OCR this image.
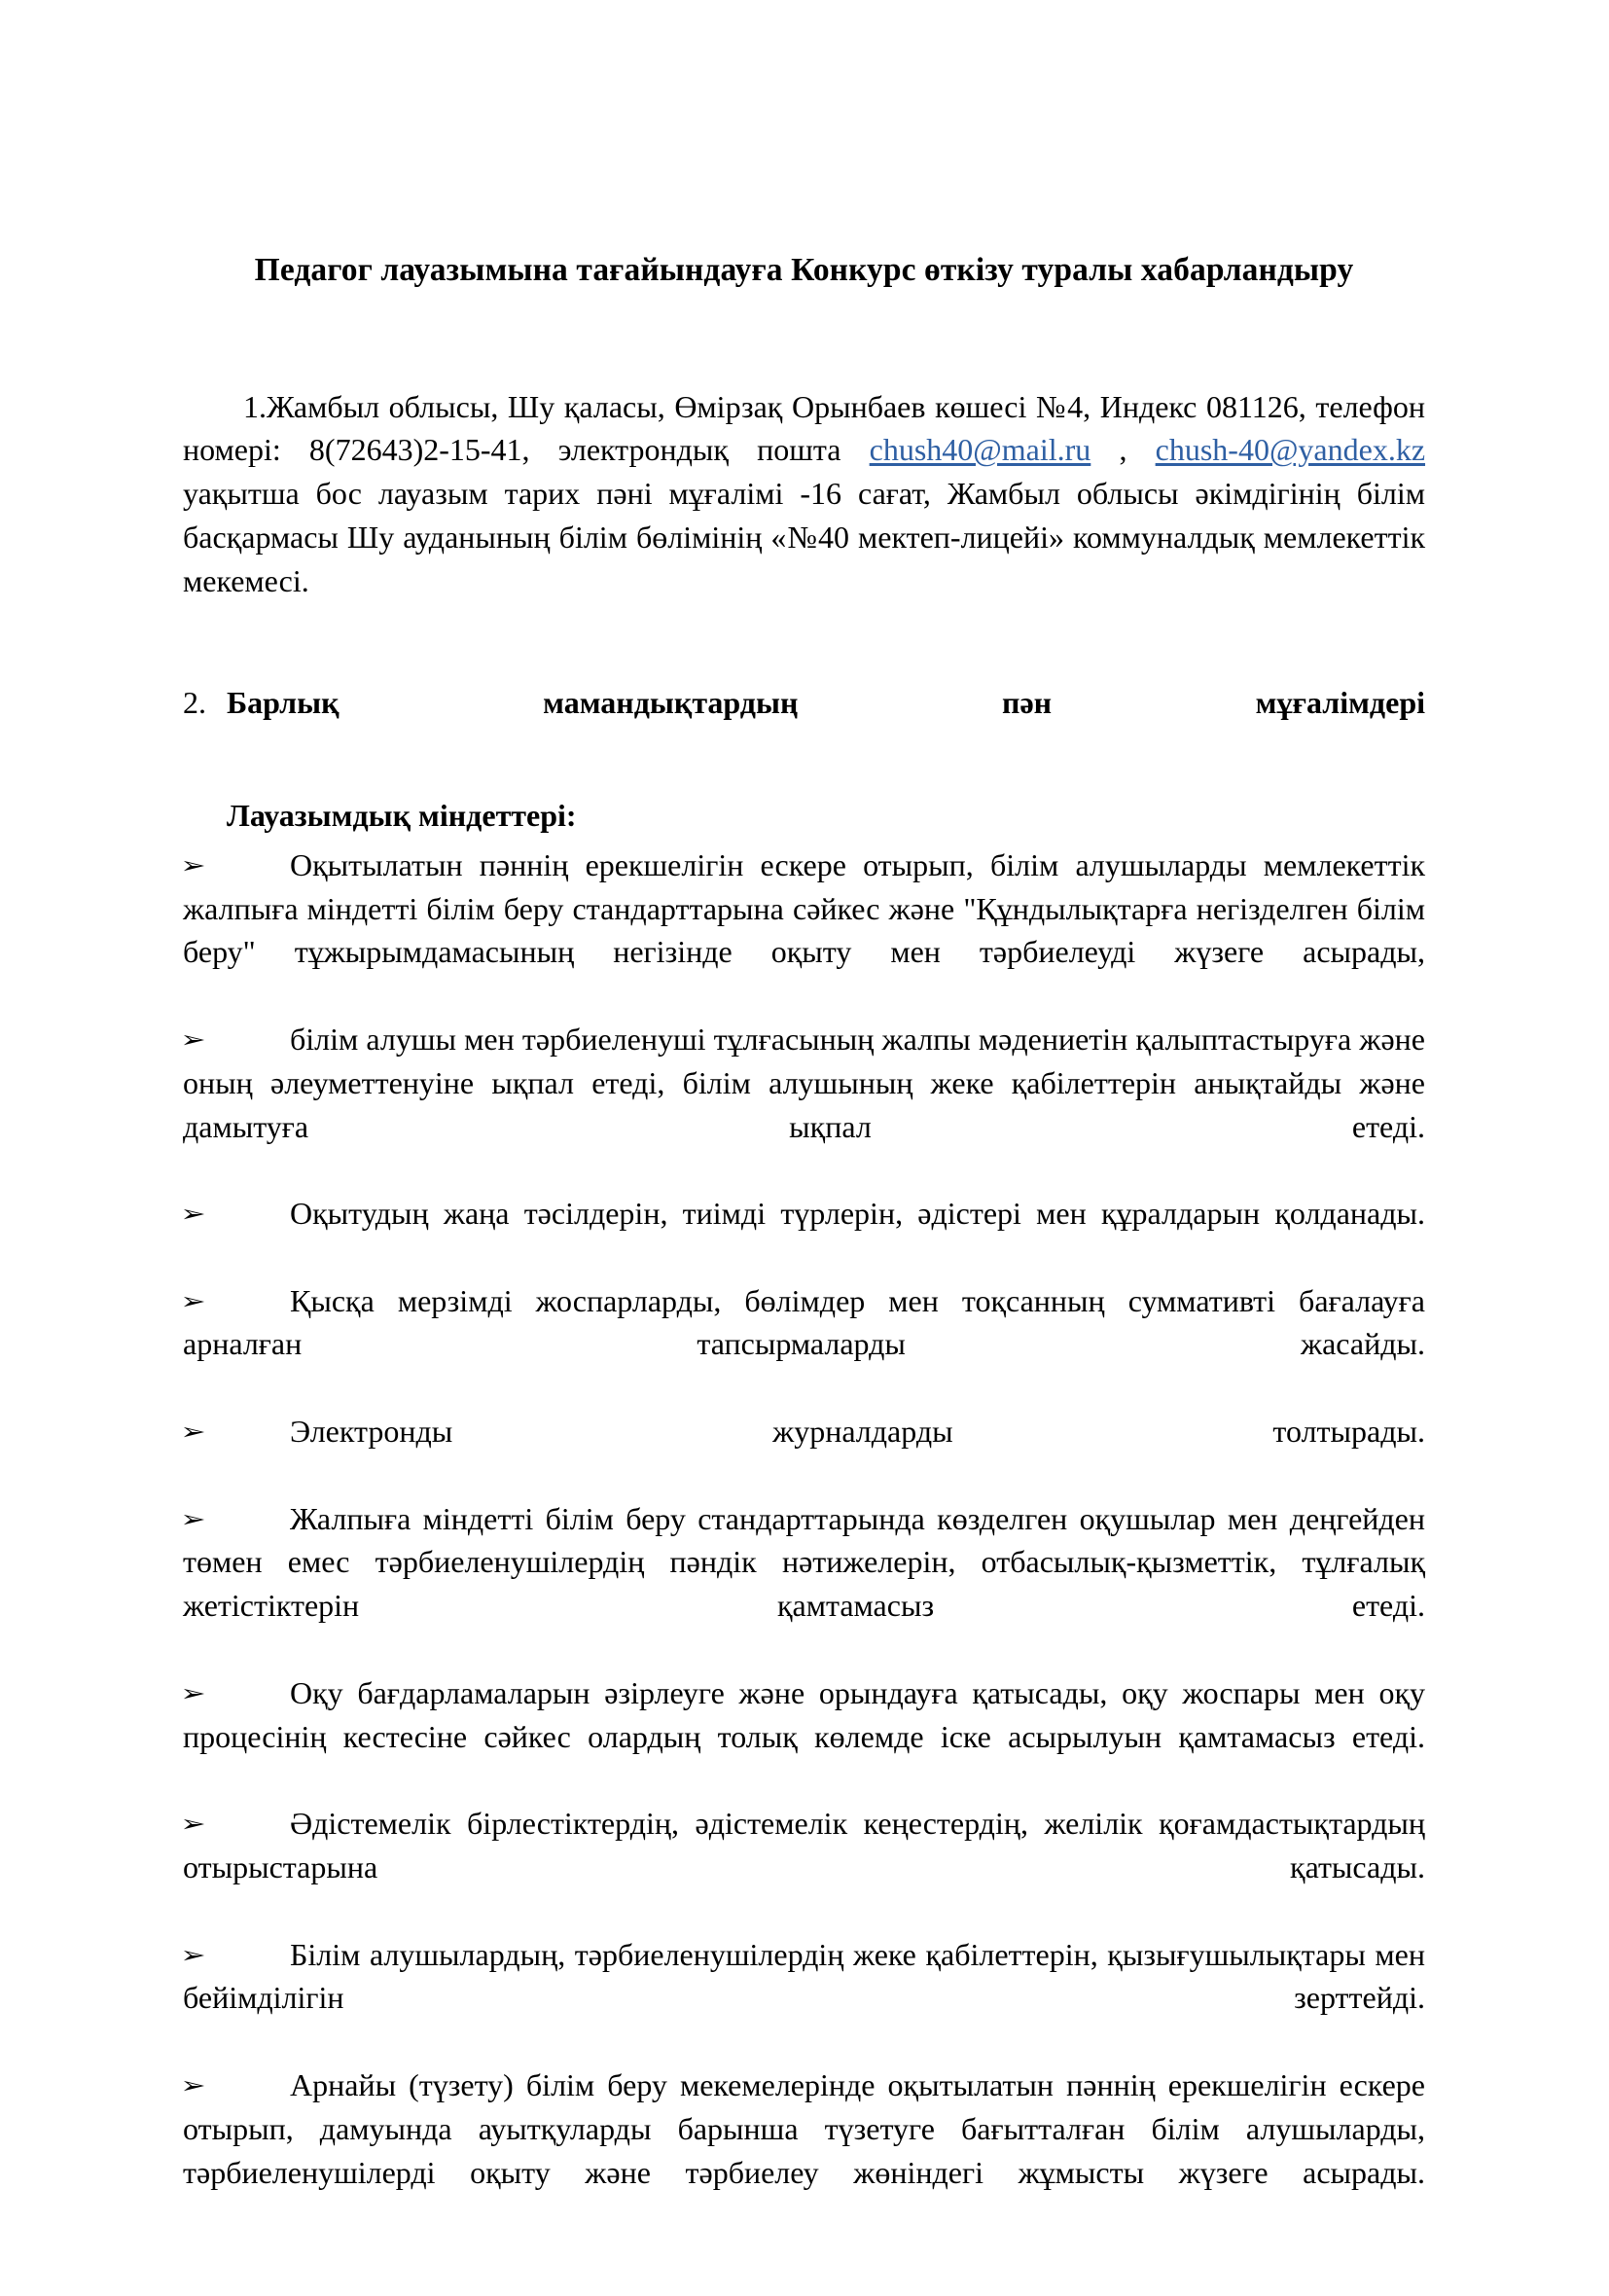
Педагог лауазымына тағайындауға Конкурс өткізу туралы хабарландыру

1.Жамбыл облысы, Шу қаласы, Өмірзақ Орынбаев көшесі №4, Индекс 081126, телефон номері: 8(72643)2-15-41, электрондық пошта chush40@mail.ru , chush-40@yandex.kz уақытша бос лауазым тарих пәні мұғалімі -16 сағат, Жамбыл облысы әкімдігінің білім басқармасы Шу ауданының білім бөлімінің «№40 мектеп-лицейі» коммуналдық мемлекеттік мекемесі.

2. Барлық мамандықтардың пән мұғалімдері

Лауазымдық міндеттері:

➢	Оқытылатын пәннің ерекшелігін ескере отырып, білім алушыларды мемлекеттік жалпыға міндетті білім беру стандарттарына сәйкес және "Құндылықтарға негізделген білім беру" тұжырымдамасының негізінде оқыту мен тәрбиелеуді жүзеге асырады,
➢	білім алушы мен тәрбиеленуші тұлғасының жалпы мәдениетін қалыптастыруға және оның әлеуметтенуіне ықпал етеді, білім алушының жеке қабілеттерін анықтайды және дамытуға ықпал етеді.
➢	Оқытудың жаңа тәсілдерін, тиімді түрлерін, әдістері мен құралдарын қолданады.
➢	Қысқа мерзімді жоспарларды, бөлімдер мен тоқсанның суммативті бағалауға арналған тапсырмаларды жасайды.
➢	Электронды журналдарды толтырады.
➢	Жалпыға міндетті білім беру стандарттарында көзделген оқушылар мен деңгейден төмен емес тәрбиеленушілердің пәндік нәтижелерін, отбасылық-қызметтік, тұлғалық жетістіктерін қамтамасыз етеді.
➢	Оқу бағдарламаларын әзірлеуге және орындауға қатысады, оқу жоспары мен оқу процесінің кестесіне сәйкес олардың толық көлемде іске асырылуын қамтамасыз етеді.
➢	Әдістемелік бірлестіктердің, әдістемелік кеңестердің, желілік қоғамдастықтардың отырыстарына қатысады.
➢	Білім алушылардың, тәрбиеленушілердің жеке қабілеттерін, қызығушылықтары мен бейімділігін зерттейді.
➢	Арнайы (түзету) білім беру мекемелерінде оқытылатын пәннің ерекшелігін ескере отырып, дамуында ауытқуларды барынша түзетуге бағытталған білім алушыларды, тәрбиеленушілерді оқыту және тәрбиелеу жөніндегі жұмысты жүзеге асырады.
